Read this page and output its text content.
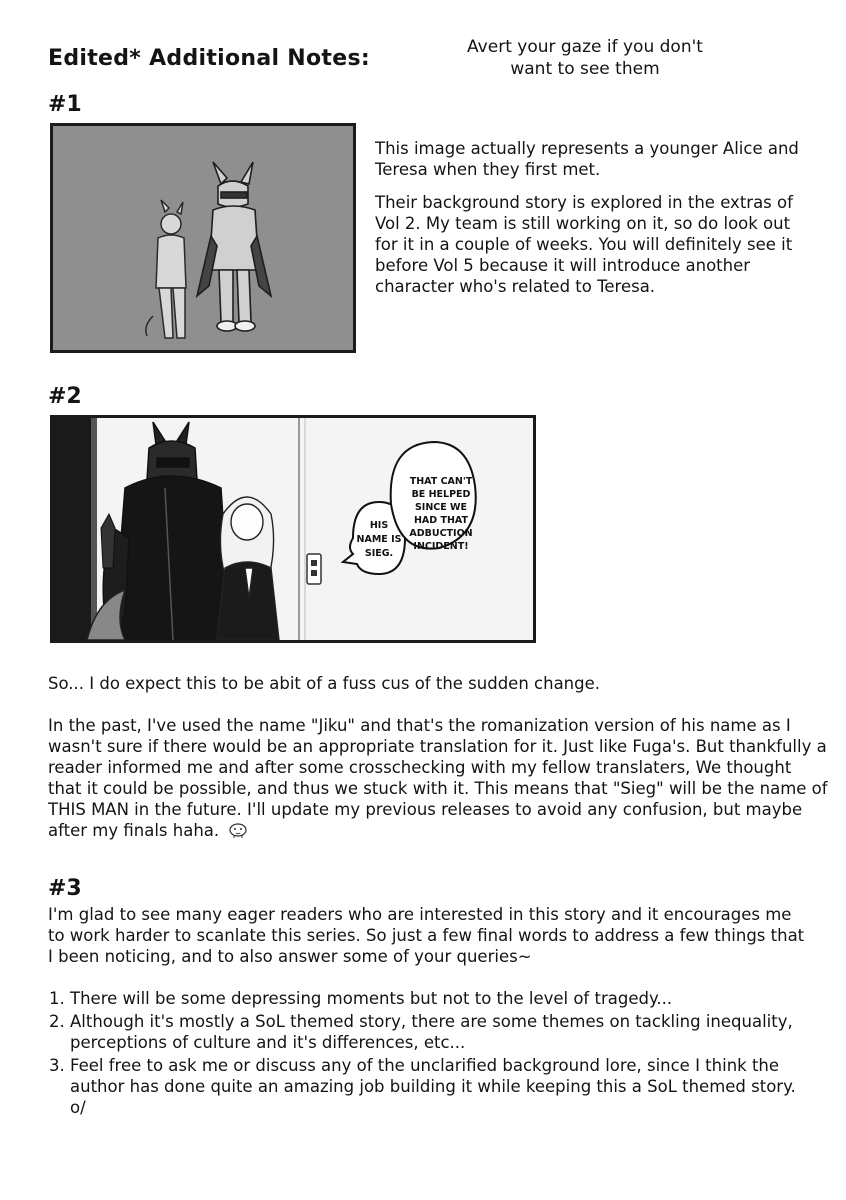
Edited* Additional Notes:	Avert your gaze if you don't
want to see them
#1

This image actually represents a younger Alice and Teresa when they first met.

Their background story is explored in the extras of Vol 2. My team is still working on it, so do look out for it in a couple of weeks. You will definitely see it before Vol 5 because it will introduce another character who's related to Teresa.

#2
HIS
NAME IS
SIEG.
THAT CAN'T
BE HELPED
SINCE WE
HAD THAT
ADBUCTION
INCIDENT!

So... I do expect this to be abit of a fuss cus of the sudden change.

In the past, I've used the name "Jiku" and that's the romanization version of his name as I wasn't sure if there would be an appropriate translation for it. Just like Fuga's. But thankfully a reader informed me and after some crosschecking with my fellow translaters, We thought that it could be possible, and thus we stuck with it. This means that "Sieg" will be the name of THIS MAN in the future. I'll update my previous releases to avoid any confusion, but maybe after my finals haha.

#3

I'm glad to see many eager readers who are interested in this story and it encourages me to work harder to scanlate this series. So just a few final words to address a few things that I been noticing, and to also answer some of your queries~

1. There will be some depressing moments but not to the level of tragedy...
2. Although it's mostly a SoL themed story, there are some themes on tackling inequality, perceptions of culture and it's differences, etc...
3. Feel free to ask me or discuss any of the unclarified background lore, since I think the author has done quite an amazing job building it while keeping this a SoL themed story. o/
